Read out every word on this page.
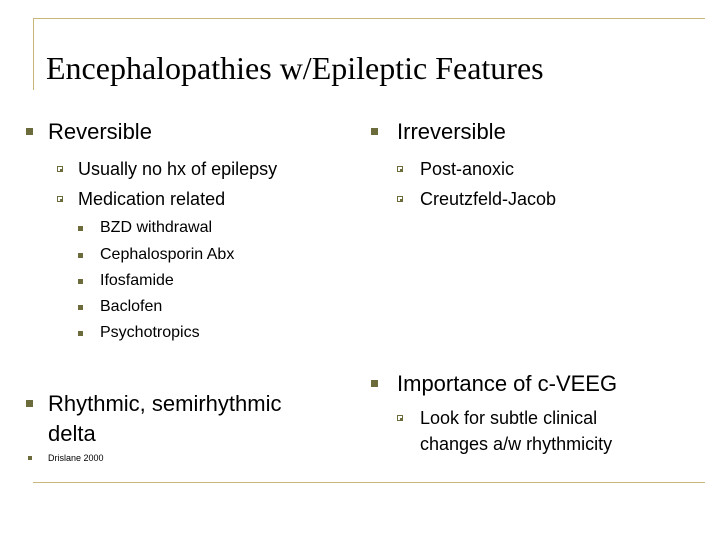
Encephalopathies w/Epileptic Features
Reversible
Usually no hx of epilepsy
Medication related
BZD withdrawal
Cephalosporin Abx
Ifosfamide
Baclofen
Psychotropics
Rhythmic, semirhythmic
delta
Drislane 2000
Irreversible
Post-anoxic
Creutzfeld-Jacob
Importance of c-VEEG
Look for subtle clinical
changes a/w rhythmicity
